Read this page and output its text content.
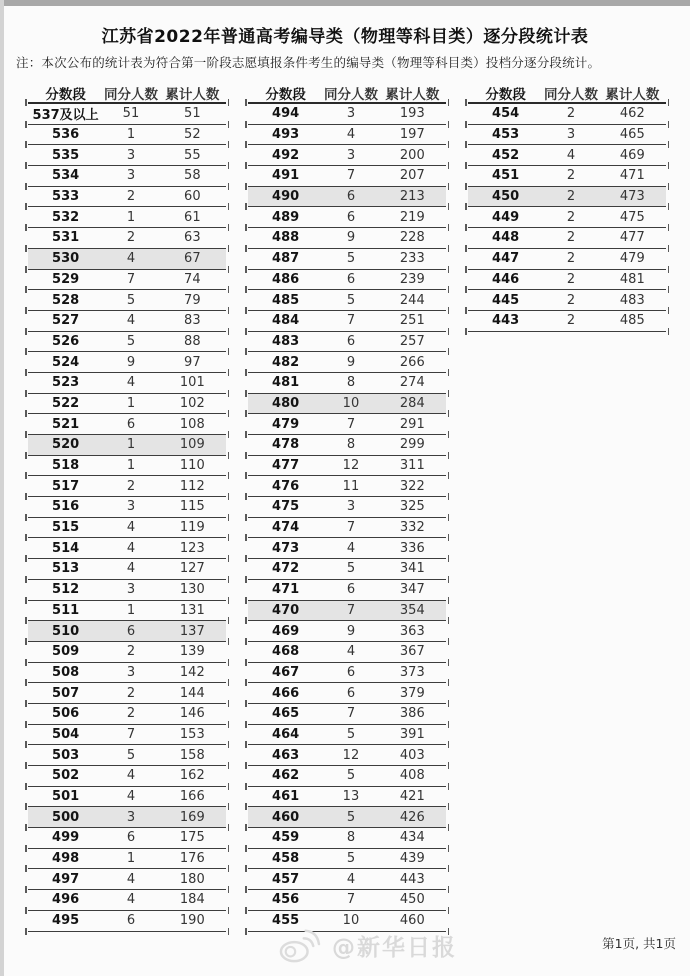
江苏省2022年普通高考编导类（物理等科目类）逐分段统计表
注：本次公布的统计表为符合第一阶段志愿填报条件考生的编导类（物理等科目类）投档分逐分段统计。
分数段	同分人数 累计人数
537及以上	51	51
536	1	52
535	3	55
534	3	58
533	2	60
532	1	61
531	2	63
530	4	67
529	7	74
528	5	79
527	4	83
526	5	88
524	9	97
523	4	101
522	1	102
521	6	108
520	1	109
518	1	110
517	2	112
516	3	115
515	4	119
514	4	123
513	4	127
512	3	130
511	1	131
510	6	137
509	2	139
508	3	142
507	2	144
506	2	146
504	7	153
503	5	158
502	4	162
501	4	166
500	3	169
499	6	175
498	1	176
497	4	180
496	4	184
495	6	190
分数段	同分人数 累计人数
494	3	193
493	4	197
492	3	200
491	7	207
490	6	213
489	6	219
488	9	228
487	5	233
486	6	239
485	5	244
484	7	251
483	6	257
482	9	266
481	8	274
480	10	284
479	7	291
478	8	299
477	12	311
476	11	322
475	3	325
474	7	332
473	4	336
472	5	341
471	6	347
470	7	354
469	9	363
468	4	367
467	6	373
466	6	379
465	7	386
464	5	391
463	12	403
462	5	408
461	13	421
460	5	426
459	8	434
458	5	439
457	4	443
456	7	450
455	10	460
分数段	同分人数 累计人数
454	2	462
453	3	465
452	4	469
451	2	471
450	2	473
449	2	475
448	2	477
447	2	479
446	2	481
445	2	483
443	2	485
@新华日报	第1页, 共1页
